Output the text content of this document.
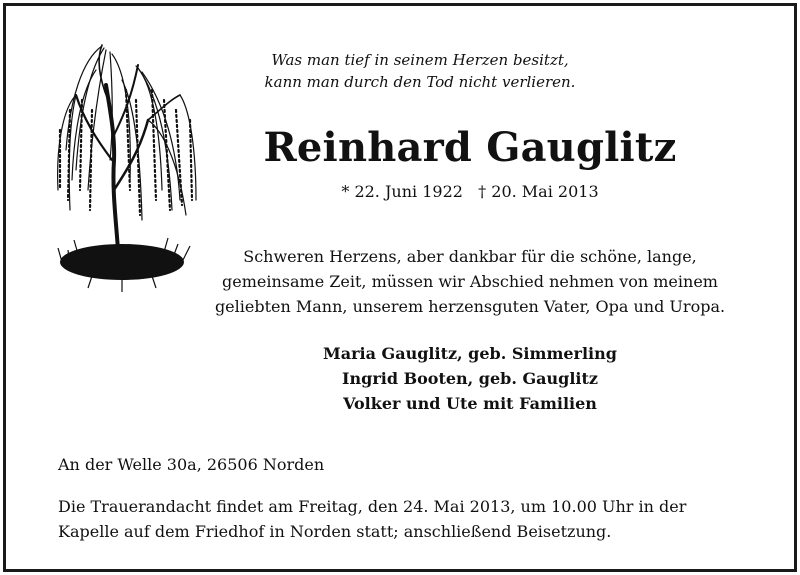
Was man tief in seinem Herzen besitzt,
kann man durch den Tod nicht verlieren.
Reinhard Gauglitz
* 22. Juni 1922   † 20. Mai 2013
Schweren Herzens, aber dankbar für die schöne, lange,
gemeinsame Zeit, müssen wir Abschied nehmen von meinem
geliebten Mann, unserem herzensguten Vater, Opa und Uropa.
Maria Gauglitz, geb. Simmerling
Ingrid Booten, geb. Gauglitz
Volker und Ute mit Familien
An der Welle 30a, 26506 Norden
Die Trauerandacht findet am Freitag, den 24. Mai 2013, um 10.00 Uhr in der
Kapelle auf dem Friedhof in Norden statt; anschließend Beisetzung.
